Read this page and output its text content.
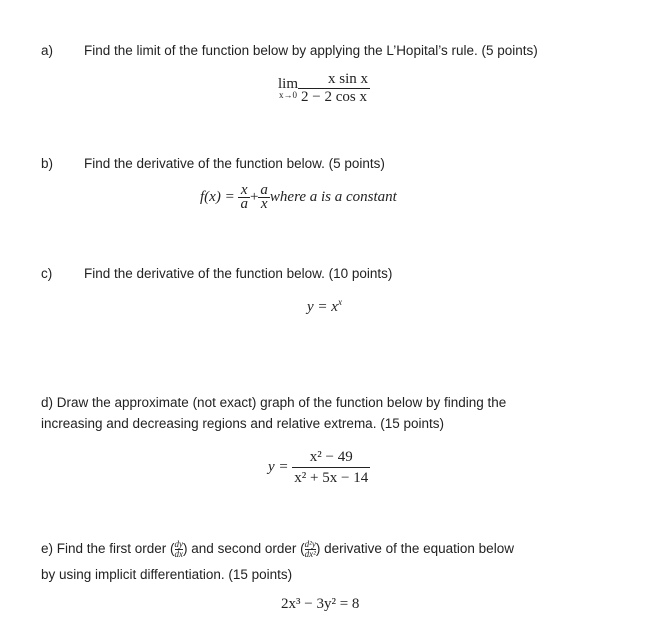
a) Find the limit of the function below by applying the L’Hopital’s rule. (5 points)
lim
$x\to 0 \frac{\text{x sin x}}{\text{2 − 2 cos x}}$
b) Find the derivative of the function below. (5 points)
$f(x) = \frac{x}{a} + \frac{a}{x}$ where a is a constant
c) Find the derivative of the function below. (10 points)
$y = x^x$
d) Draw the approximate (not exact) graph of the function below by finding the
increasing and decreasing regions and relative extrema. (15 points)
$y = \frac{\text{x² − 49}}{\text{x² + 5x − 14}}$
e) Find the first order ( $\frac{dy}{dx}$ ) and second order ( $\frac{\text{d²y}}{\text{dx²}}$ ) derivative of the equation below
by using implicit differentiation. (15 points)
2x³ − 3y² = 8
